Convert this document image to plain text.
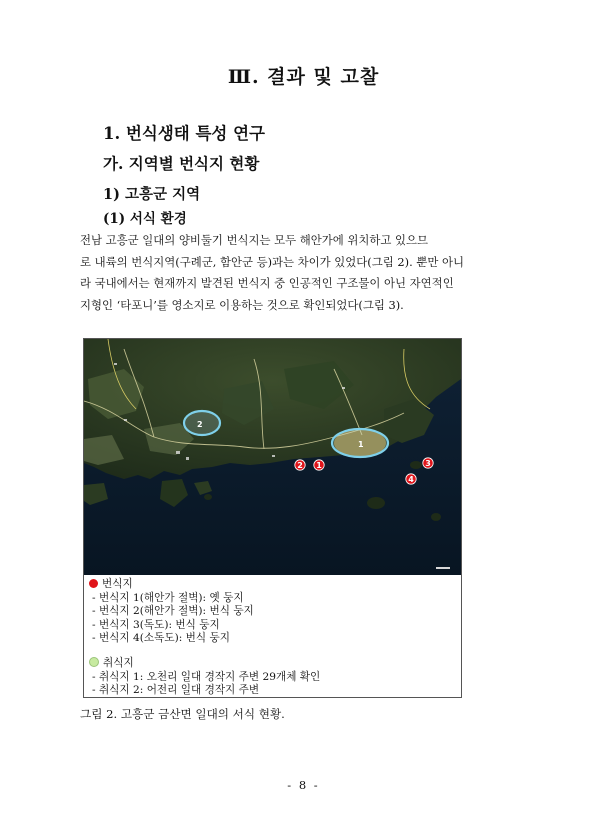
Ⅲ. 결과 및 고찰
1. 번식생태 특성 연구
가. 지역별 번식지 현황
1) 고흥군 지역
(1) 서식 환경
전남 고흥군 일대의 양비둘기 번식지는 모두 해안가에 위치하고 있으므
로 내륙의 번식지역(구례군, 함안군 등)과는 차이가 있었다(그림 2). 뿐만 아니
라 국내에서는 현재까지 발견된 번식지 중 인공적인 구조물이 아닌 자연적인
지형인 ‘타포니’를 영소지로 이용하는 것으로 확인되었다(그림 3).
2
1
2 1	3
4
번식지
- 번식지 1(해안가 절벽): 옛 둥지
- 번식지 2(해안가 절벽): 번식 둥지
- 번식지 3(독도): 번식 둥지
- 번식지 4(소독도): 번식 둥지
취식지
- 취식지 1: 오천리 일대 경작지 주변 29개체 확인
- 취식지 2: 어전리 일대 경작지 주변
그림 2. 고흥군 금산면 일대의 서식 현황.
- 8 -
